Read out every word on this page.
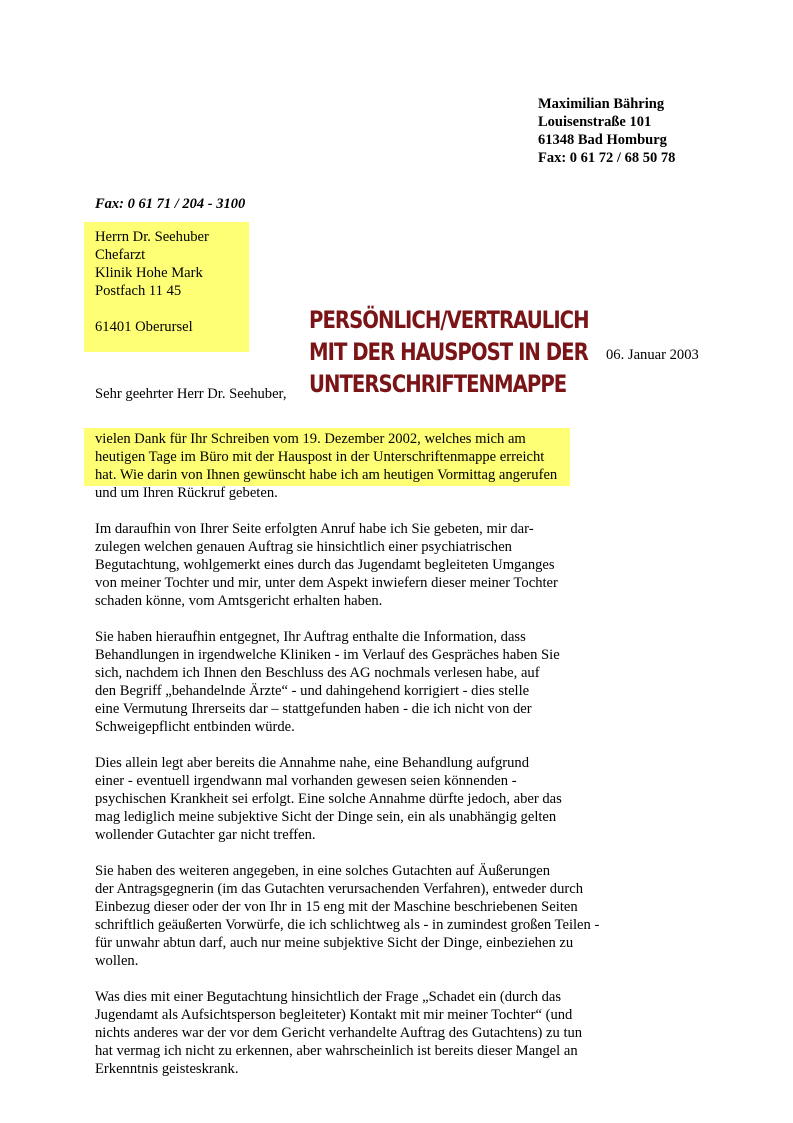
Maximilian Bähring
Louisenstraße 101
61348 Bad Homburg
Fax: 0 61 72 / 68 50 78
Fax: 0 61 71 / 204 - 3100
Herrn Dr. Seehuber
Chefarzt
Klinik Hohe Mark
Postfach 11 45
61401 Oberursel	PERSÖNLICH/VERTRAULICH
MIT DER HAUSPOST IN DER
UNTERSCHRIFTENMAPPE
06. Januar 2003
Sehr geehrter Herr Dr. Seehuber,
vielen Dank für Ihr Schreiben vom 19. Dezember 2002, welches mich am
heutigen Tage im Büro mit der Hauspost in der Unterschriftenmappe erreicht
hat. Wie darin von Ihnen gewünscht habe ich am heutigen Vormittag angerufen
und um Ihren Rückruf gebeten.
Im daraufhin von Ihrer Seite erfolgten Anruf habe ich Sie gebeten, mir dar-
zulegen welchen genauen Auftrag sie hinsichtlich einer psychiatrischen
Begutachtung, wohlgemerkt eines durch das Jugendamt begleiteten Umganges
von meiner Tochter und mir, unter dem Aspekt inwiefern dieser meiner Tochter
schaden könne, vom Amtsgericht erhalten haben.
Sie haben hieraufhin entgegnet, Ihr Auftrag enthalte die Information, dass
Behandlungen in irgendwelche Kliniken - im Verlauf des Gespräches haben Sie
sich, nachdem ich Ihnen den Beschluss des AG nochmals verlesen habe, auf
den Begriff „behandelnde Ärzte“ - und dahingehend korrigiert - dies stelle
eine Vermutung Ihrerseits dar – stattgefunden haben - die ich nicht von der
Schweigepflicht entbinden würde.
Dies allein legt aber bereits die Annahme nahe, eine Behandlung aufgrund
einer - eventuell irgendwann mal vorhanden gewesen seien könnenden -
psychischen Krankheit sei erfolgt. Eine solche Annahme dürfte jedoch, aber das
mag lediglich meine subjektive Sicht der Dinge sein, ein als unabhängig gelten
wollender Gutachter gar nicht treffen.
Sie haben des weiteren angegeben, in eine solches Gutachten auf Äußerungen
der Antragsgegnerin (im das Gutachten verursachenden Verfahren), entweder durch
Einbezug dieser oder der von Ihr in 15 eng mit der Maschine beschriebenen Seiten
schriftlich geäußerten Vorwürfe, die ich schlichtweg als - in zumindest großen Teilen -
für unwahr abtun darf, auch nur meine subjektive Sicht der Dinge, einbeziehen zu
wollen.
Was dies mit einer Begutachtung hinsichtlich der Frage „Schadet ein (durch das
Jugendamt als Aufsichtsperson begleiteter) Kontakt mit mir meiner Tochter“ (und
nichts anderes war der vor dem Gericht verhandelte Auftrag des Gutachtens) zu tun
hat vermag ich nicht zu erkennen, aber wahrscheinlich ist bereits dieser Mangel an
Erkenntnis geisteskrank.
